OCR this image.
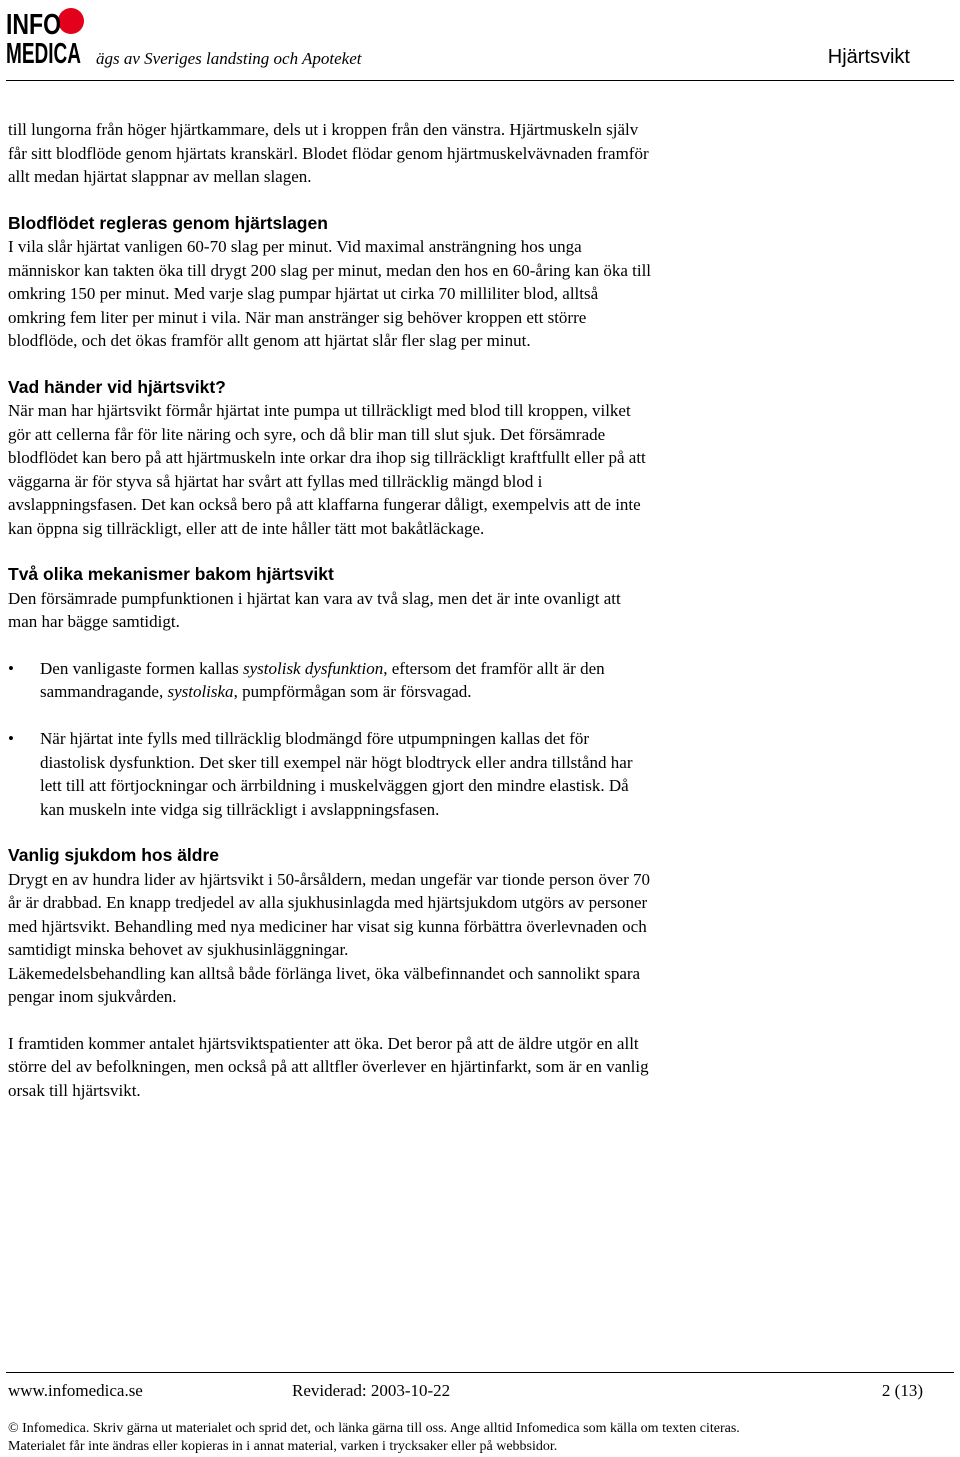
INFO
MEDICA ägs av Sveriges landsting och Apoteket	Hjärtsvikt

till lungorna från höger hjärtkammare, dels ut i kroppen från den vänstra. Hjärtmuskeln själv får sitt blodflöde genom hjärtats kranskärl. Blodet flödar genom hjärtmuskelvävnaden framför allt medan hjärtat slappnar av mellan slagen.

Blodflödet regleras genom hjärtslagen

I vila slår hjärtat vanligen 60-70 slag per minut. Vid maximal ansträngning hos unga människor kan takten öka till drygt 200 slag per minut, medan den hos en 60-åring kan öka till omkring 150 per minut. Med varje slag pumpar hjärtat ut cirka 70 milliliter blod, alltså omkring fem liter per minut i vila. När man anstränger sig behöver kroppen ett större blodflöde, och det ökas framför allt genom att hjärtat slår fler slag per minut.

Vad händer vid hjärtsvikt?

När man har hjärtsvikt förmår hjärtat inte pumpa ut tillräckligt med blod till kroppen, vilket gör att cellerna får för lite näring och syre, och då blir man till slut sjuk. Det försämrade blodflödet kan bero på att hjärtmuskeln inte orkar dra ihop sig tillräckligt kraftfullt eller på att väggarna är för styva så hjärtat har svårt att fyllas med tillräcklig mängd blod i avslappningsfasen. Det kan också bero på att klaffarna fungerar dåligt, exempelvis att de inte kan öppna sig tillräckligt, eller att de inte håller tätt mot bakåtläckage.

Två olika mekanismer bakom hjärtsvikt

Den försämrade pumpfunktionen i hjärtat kan vara av två slag, men det är inte ovanligt att man har bägge samtidigt.

• Den vanligaste formen kallas systolisk dysfunktion, eftersom det framför allt är den sammandragande, systoliska, pumpförmågan som är försvagad.
• När hjärtat inte fylls med tillräcklig blodmängd före utpumpningen kallas det för diastolisk dysfunktion. Det sker till exempel när högt blodtryck eller andra tillstånd har lett till att förtjockningar och ärrbildning i muskelväggen gjort den mindre elastisk. Då kan muskeln inte vidga sig tillräckligt i avslappningsfasen.
Vanlig sjukdom hos äldre

Drygt en av hundra lider av hjärtsvikt i 50-årsåldern, medan ungefär var tionde person över 70 år är drabbad. En knapp tredjedel av alla sjukhusinlagda med hjärtsjukdom utgörs av personer med hjärtsvikt. Behandling med nya mediciner har visat sig kunna förbättra överlevnaden och samtidigt minska behovet av sjukhusinläggningar.

Läkemedelsbehandling kan alltså både förlänga livet, öka välbefinnandet och sannolikt spara pengar inom sjukvården.

I framtiden kommer antalet hjärtsviktspatienter att öka. Det beror på att de äldre utgör en allt större del av befolkningen, men också på att alltfler överlever en hjärtinfarkt, som är en vanlig orsak till hjärtsvikt.

www.infomedica.se	Reviderad: 2003-10-22	2 (13)
© Infomedica. Skriv gärna ut materialet och sprid det, och länka gärna till oss. Ange alltid Infomedica som källa om texten citeras.
Materialet får inte ändras eller kopieras in i annat material, varken i trycksaker eller på webbsidor.
